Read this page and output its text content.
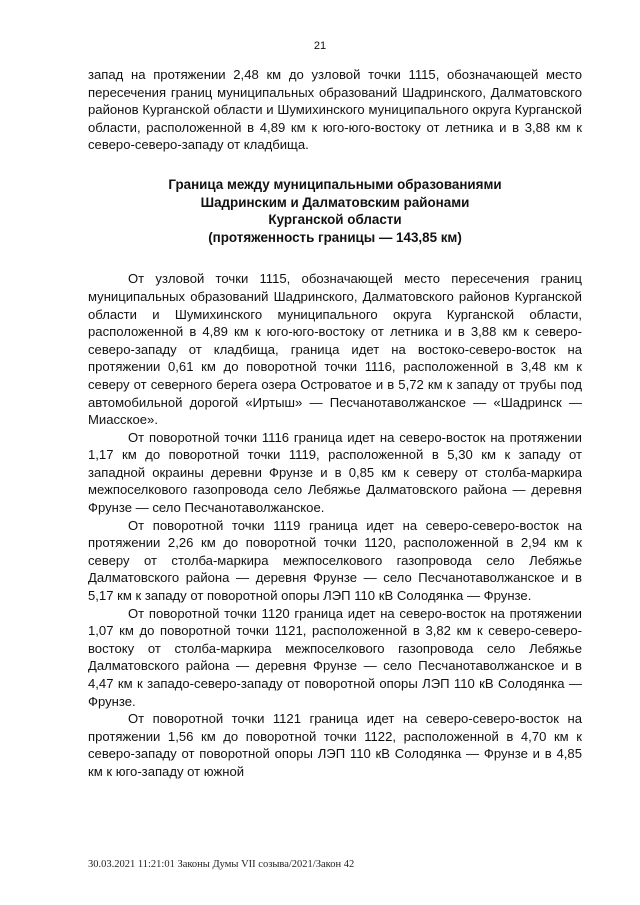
21

запад на протяжении 2,48 км до узловой точки 1115, обозначающей место пересечения границ муниципальных образований Шадринского, Далматовского районов Курганской области и Шумихинского муниципального округа Курганской области, расположенной в 4,89 км к юго-юго-востоку от летника и в 3,88 км к северо-северо-западу от кладбища.

Граница между муниципальными образованиями
Шадринским и Далматовским районами
Курганской области
(протяженность границы — 143,85 км)

От узловой точки 1115, обозначающей место пересечения границ муниципальных образований Шадринского, Далматовского районов Курганской области и Шумихинского муниципального округа Курганской области, расположенной в 4,89 км к юго-юго-востоку от летника и в 3,88 км к северо-северо-западу от кладбища, граница идет на востоко-северо-восток на протяжении 0,61 км до поворотной точки 1116, расположенной в 3,48 км к северу от северного берега озера Островатое и в 5,72 км к западу от трубы под автомобильной дорогой «Иртыш» — Песчанотаволжанское — «Шадринск — Миасское».

От поворотной точки 1116 граница идет на северо-восток на протяжении 1,17 км до поворотной точки 1119, расположенной в 5,30 км к западу от западной окраины деревни Фрунзе и в 0,85 км к северу от столба-маркира межпоселкового газопровода село Лебяжье Далматовского района — деревня Фрунзе — село Песчанотаволжанское.

От поворотной точки 1119 граница идет на северо-северо-восток на протяжении 2,26 км до поворотной точки 1120, расположенной в 2,94 км к северу от столба-маркира межпоселкового газопровода село Лебяжье Далматовского района — деревня Фрунзе — село Песчанотаволжанское и в 5,17 км к западу от поворотной опоры ЛЭП 110 кВ Солодянка — Фрунзе.

От поворотной точки 1120 граница идет на северо-восток на протяжении 1,07 км до поворотной точки 1121, расположенной в 3,82 км к северо-северо-востоку от столба-маркира межпоселкового газопровода село Лебяжье Далматовского района — деревня Фрунзе — село Песчанотаволжанское и в 4,47 км к западо-северо-западу от поворотной опоры ЛЭП 110 кВ Солодянка — Фрунзе.

От поворотной точки 1121 граница идет на северо-северо-восток на протяжении 1,56 км до поворотной точки 1122, расположенной в 4,70 км к северо-западу от поворотной опоры ЛЭП 110 кВ Солодянка — Фрунзе и в 4,85 км к юго-западу от южной

30.03.2021 11:21:01 Законы Думы VII созыва/2021/Закон 42
